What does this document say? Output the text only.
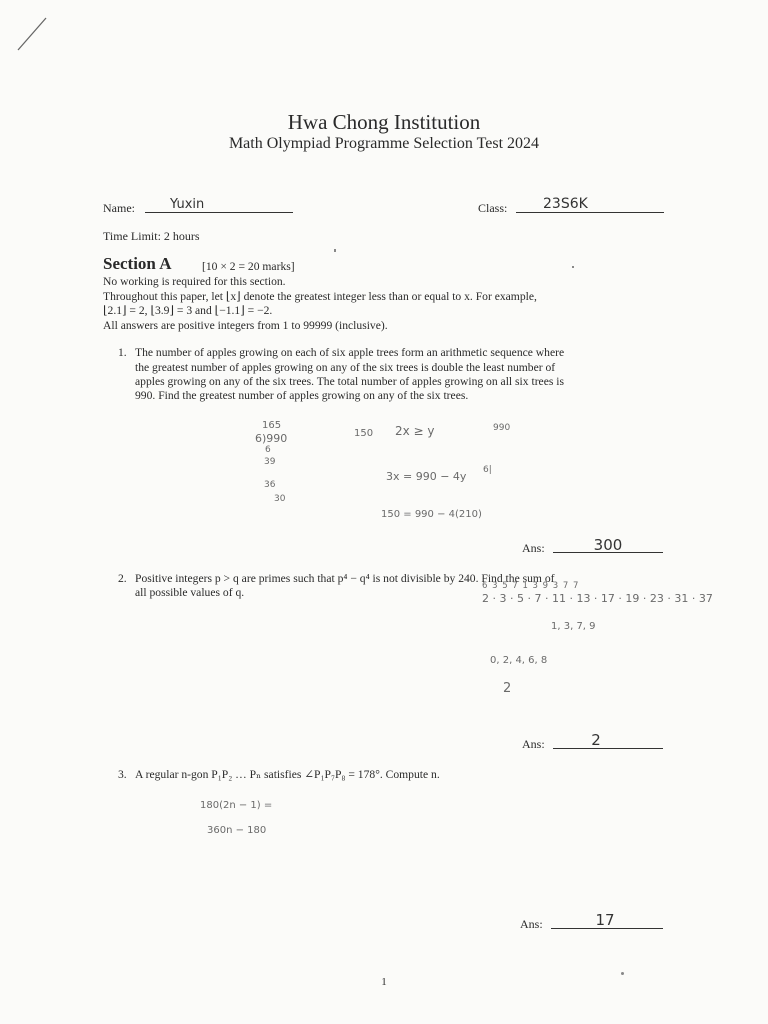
Hwa Chong Institution
Math Olympiad Programme Selection Test 2024
Name:	Yuxin	Class:	23S6K
Time Limit: 2 hours
Section A	[10 × 2 = 20 marks]
No working is required for this section.
Throughout this paper, let ⌊x⌋ denote the greatest integer less than or equal to x. For example,
⌊2.1⌋ = 2, ⌊3.9⌋ = 3 and ⌊−1.1⌋ = −2.
All answers are positive integers from 1 to 99999 (inclusive).
1. The number of apples growing on each of six apple trees form an arithmetic sequence where
the greatest number of apples growing on any of the six trees is double the least number of
apples growing on any of the six trees. The total number of apples growing on all six trees is
990. Find the greatest number of apples growing on any of the six trees.
165
6)990
6
39
36
30
150 2x ≥ y	990
6|
3x = 990 − 4y
150 = 990 − 4(210)
Ans:	300
2. Positive integers p > q are primes such that p⁴ − q⁴ is not divisible by 240. Find the sum of
all possible values of q.	6 3 5 7 1 3 9 3 7 7
2 · 3 · 5 · 7 · 11 · 13 · 17 · 19 · 23 · 31 · 37
1, 3, 7, 9
0, 2, 4, 6, 8
2
Ans:	2
3. A regular n-gon P₁P₂ … Pₙ satisfies ∠P₁P₇P₈ = 178°. Compute n.
180(2n − 1) =
360n − 180
Ans:	17
1
